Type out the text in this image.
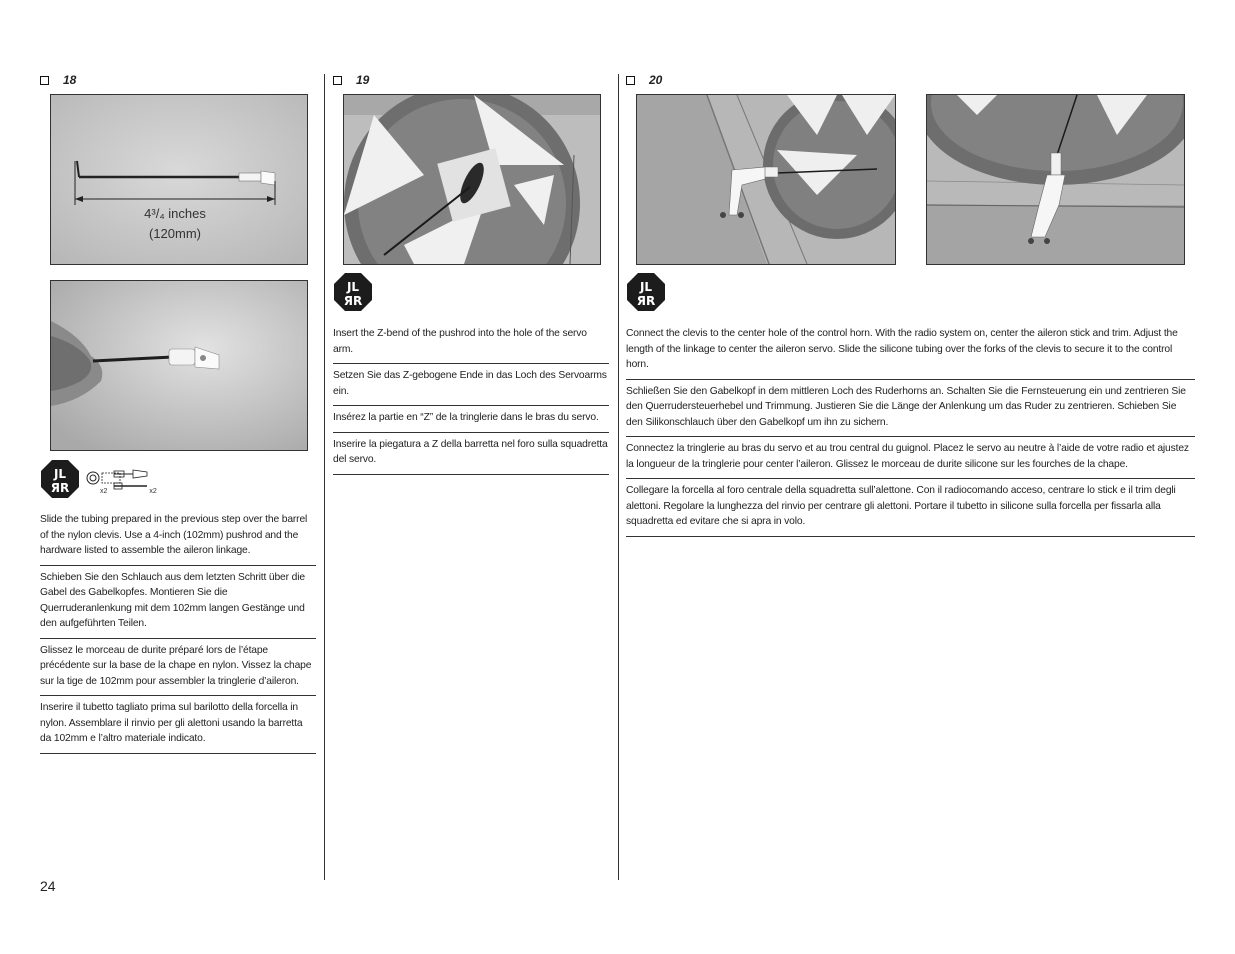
18
4³/₄ inches
(120mm)
JL
ЯR	x2	x2
Slide the tubing prepared in the previous step over the barrel of the nylon clevis. Use a 4-inch (102mm) pushrod and the hardware listed to assemble the aileron linkage.
Schieben Sie den Schlauch aus dem letzten Schritt über die Gabel des Gabelkopfes. Montieren Sie die Querruderanlenkung mit dem 102mm langen Gestänge und den aufgeführten Teilen.
Glissez le morceau de durite préparé lors de l’étape précédente sur la base de la chape en nylon. Vissez la chape sur la tige de 102mm pour assembler la tringlerie d’aileron.
Inserire il tubetto tagliato prima sul barilotto della forcella in nylon. Assemblare il rinvio per gli alettoni usando la barretta da 102mm e l’altro materiale indicato.
19
JL
ЯR
Insert the Z-bend of the pushrod into the hole of the servo arm.
Setzen Sie das Z-gebogene Ende in das Loch des Servoarms ein.
Insérez la partie en “Z” de la tringlerie dans le bras du servo.
Inserire la piegatura a Z della barretta nel foro sulla squadretta del servo.
20
JL
ЯR
Connect the clevis to the center hole of the control horn. With the radio system on, center the aileron stick and trim. Adjust the length of the linkage to center the aileron servo. Slide the silicone tubing over the forks of the clevis to secure it to the control horn.
Schließen Sie den Gabelkopf in dem mittleren Loch des Ruderhorns an. Schalten Sie die Fernsteuerung ein und zentrieren Sie den Querrudersteuerhebel und Trimmung. Justieren Sie die Länge der Anlenkung um das Ruder zu zentrieren. Schieben Sie den Silikonschlauch über den Gabelkopf um ihn zu sichern.
Connectez la tringlerie au bras du servo et au trou central du guignol. Placez le servo au neutre à l’aide de votre radio et ajustez la longueur de la tringlerie pour center l’aileron. Glissez le morceau de durite silicone sur les fourches de la chape.
Collegare la forcella al foro centrale della squadretta sull’alettone. Con il radiocomando acceso, centrare lo stick e il trim degli alettoni. Regolare la lunghezza del rinvio per centrare gli alettoni. Portare il tubetto in silicone sulla forcella per fissarla alla squadretta ed evitare che si apra in volo.
24
